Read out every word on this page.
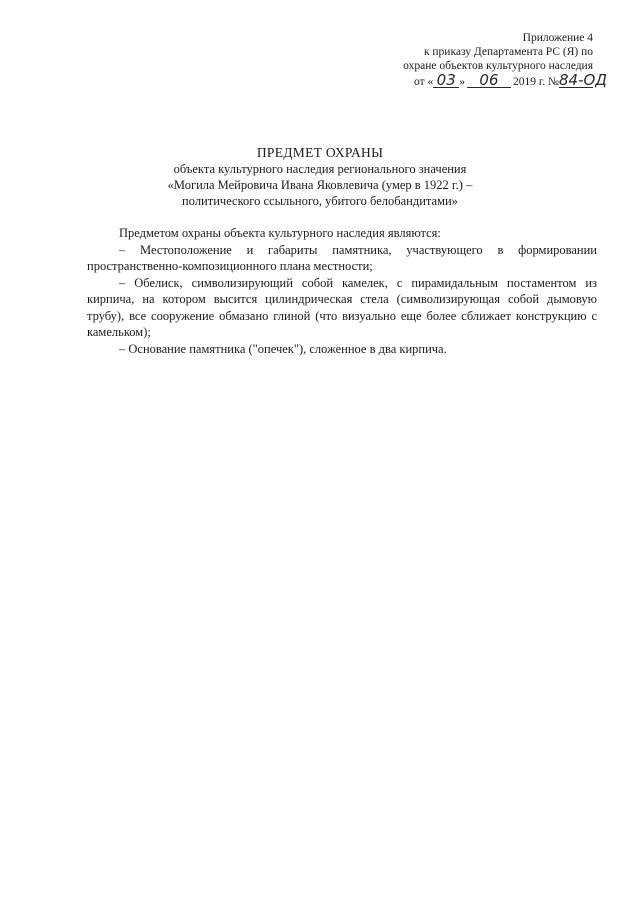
Приложение 4
к приказу Департамента РС (Я) по
охране объектов культурного наследия
от « 03 » 06	2019 г. № 84-ОД
ПРЕДМЕТ ОХРАНЫ
объекта культурного наследия регионального значения
«Могила Мейровича Ивана Яковлевича (умер в 1922 г.) –
политического ссыльного, убитого белобандитами»

Предметом охраны объекта культурного наследия являются:

– Местоположение и габариты памятника, участвующего в формировании пространственно-композиционного плана местности;

– Обелиск, символизирующий собой камелек, с пирамидальным постаментом из кирпича, на котором высится цилиндрическая стела (символизирующая собой дымовую трубу), все сооружение обмазано глиной (что визуально еще более сближает конструкцию с камельком);

– Основание памятника ("опечек"), сложенное в два кирпича.
